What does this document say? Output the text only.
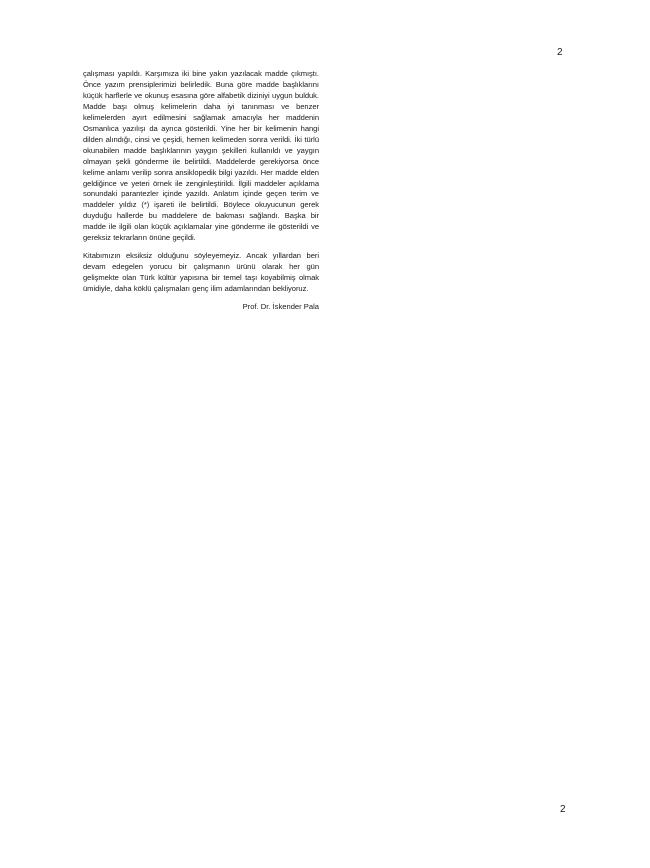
2

çalışması yapıldı. Karşımıza iki bine yakın yazılacak madde çıkmıştı. Önce yazım prensiplerimizi belirledik. Buna göre madde başlıklarını küçük harflerle ve okunuş esasına göre alfabetik diziniyi uygun bulduk. Madde başı olmuş kelimelerin daha iyi tanınması ve benzer kelimelerden ayırt edilmesini sağlamak amacıyla her maddenin Osmanlıca yazılışı da ayrıca gösterildi. Yine her bir kelimenin hangi dilden alındığı, cinsi ve çeşidi, hemen kelimeden sonra verildi. İki türlü okunabilen madde başlıklarının yaygın şekilleri kullanıldı ve yaygın olmayan şekli gönderme ile belirtildi. Maddelerde gerekiyorsa önce kelime anlamı verilip sonra ansiklopedik bilgi yazıldı. Her madde elden geldiğince ve yeteri örnek ile zenginleştirildi. İlgili maddeler açıklama sonundaki parantezler içinde yazıldı. Anlatım içinde geçen terim ve maddeler yıldız (*) işareti ile belirtildi. Böylece okuyucunun gerek duyduğu hallerde bu maddelere de bakması sağlandı. Başka bir madde ile ilgili olan küçük açıklamalar yine gönderme ile gösterildi ve gereksiz tekrarların önüne geçildi.

Kitabımızın eksiksiz olduğunu söyleyemeyiz. Ancak yıllardan beri devam edegelen yorucu bir çalışmanın ürünü olarak her gün gelişmekte olan Türk kültür yapısına bir temel taşı koyabilmiş olmak ümidiyle, daha köklü çalışmaları genç ilim adamlarından bekliyoruz.

Prof. Dr. İskender Pala

2
